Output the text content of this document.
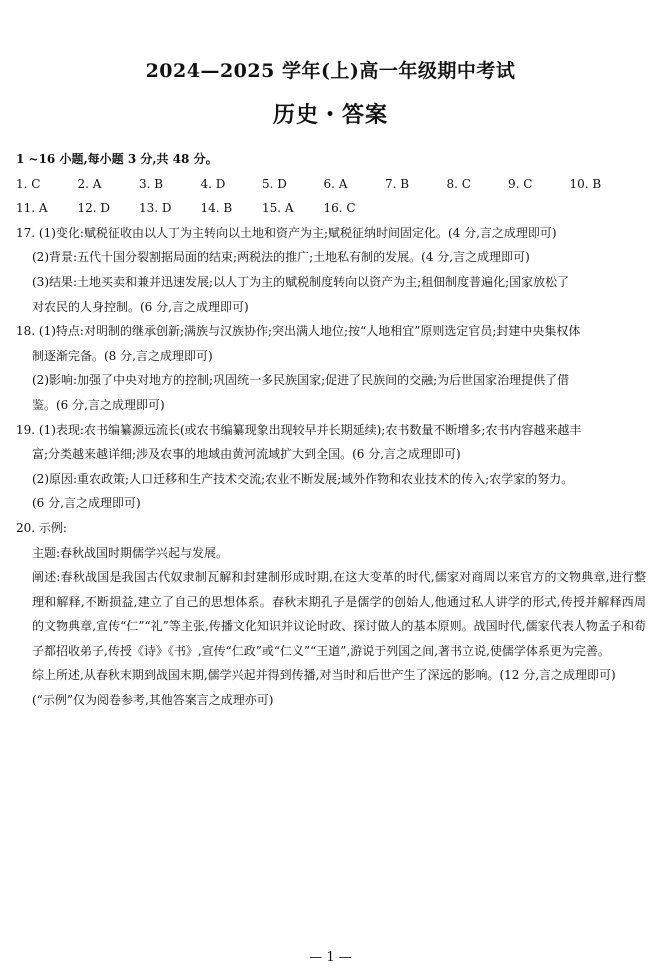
2024—2025 学年(上)高一年级期中考试
历史・答案
1 ~16 小题,每小题 3 分,共 48 分。
1. C	2. A	3. B	4. D	5. D	6. A	7. B	8. C	9. C	10. B
11. A	12. D	13. D	14. B	15. A	16. C
17. (1)变化:赋税征收由以人丁为主转向以土地和资产为主;赋税征纳时间固定化。(4 分,言之成理即可)
(2)背景:五代十国分裂割据局面的结束;两税法的推广;土地私有制的发展。(4 分,言之成理即可)
(3)结果:土地买卖和兼并迅速发展;以人丁为主的赋税制度转向以资产为主;租佃制度普遍化;国家放松了
对农民的人身控制。(6 分,言之成理即可)
18. (1)特点:对明制的继承创新;满族与汉族协作;突出满人地位;按“人地相宜”原则选定官员;封建中央集权体
制逐渐完备。(8 分,言之成理即可)
(2)影响:加强了中央对地方的控制;巩固统一多民族国家;促进了民族间的交融;为后世国家治理提供了借
鉴。(6 分,言之成理即可)
19. (1)表现:农书编纂源远流长(或农书编纂现象出现较早并长期延续);农书数量不断增多;农书内容越来越丰
富;分类越来越详细;涉及农事的地域由黄河流域扩大到全国。(6 分,言之成理即可)
(2)原因:重农政策;人口迁移和生产技术交流;农业不断发展;域外作物和农业技术的传入;农学家的努力。
(6 分,言之成理即可)
20. 示例:
主题:春秋战国时期儒学兴起与发展。
阐述:春秋战国是我国古代奴隶制瓦解和封建制形成时期,在这大变革的时代,儒家对商周以来官方的文物典章,进行整理和解释,不断损益,建立了自己的思想体系。春秋末期孔子是儒学的创始人,他通过私人讲学的形式,传授并解释西周的文物典章,宣传“仁”“礼”等主张,传播文化知识并议论时政、探讨做人的基本原则。战国时代,儒家代表人物孟子和荀子都招收弟子,传授《诗》《书》,宣传“仁政”或“仁义”“王道”,游说于列国之间,著书立说,使儒学体系更为完善。
综上所述,从春秋末期到战国末期,儒学兴起并得到传播,对当时和后世产生了深远的影响。(12 分,言之成理即可)
(“示例”仅为阅卷参考,其他答案言之成理亦可)
— 1 —
